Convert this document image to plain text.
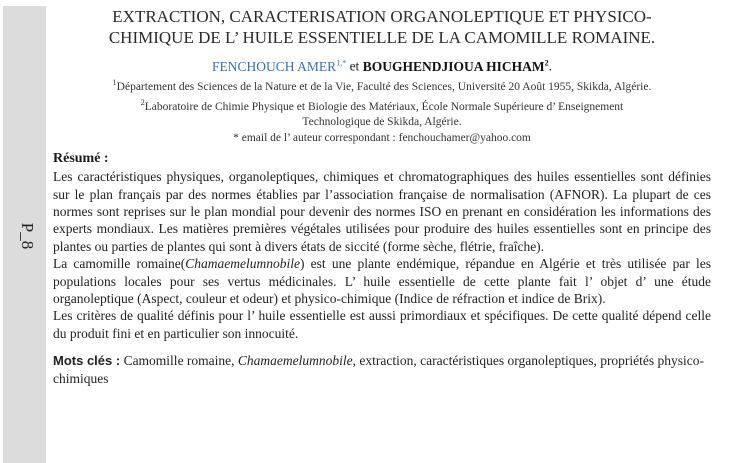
P_8
EXTRACTION, CARACTERISATION ORGANOLEPTIQUE ET PHYSICO-
CHIMIQUE DE L’ HUILE ESSENTIELLE DE LA CAMOMILLE ROMAINE.
FENCHOUCH $AMER^{1,*}$ et BOUGHENDJIOUA HICHAM$^2$.
$^1$Département des Sciences de la Nature et de la Vie, Faculté des Sciences, Université 20 Août 1955, Skikda, Algérie.
$^2$Laboratoire de Chimie Physique et Biologie des Matériaux, École Normale Supérieure d’ Enseignement
Technologique de Skikda, Algérie.
* email de l’ auteur correspondant : fenchouchamer@yahoo.com
Résumé :

Les caractéristiques physiques, organoleptiques, chimiques et chromatographiques des huiles essentielles sont définies sur le plan français par des normes établies par l’association française de normalisation (AFNOR). La plupart de ces normes sont reprises sur le plan mondial pour devenir des normes ISO en prenant en considération les informations des experts mondiaux. Les matières premières végétales utilisées pour produire des huiles essentielles sont en principe des plantes ou parties de plantes qui sont à divers états de siccité (forme sèche, flétrie, fraîche).

La camomille romaine(Chamaemelumnobile) est une plante endémique, répandue en Algérie et très utilisée par les populations locales pour ses vertus médicinales. L’ huile essentielle de cette plante fait l’ objet d’ une étude organoleptique (Aspect, couleur et odeur) et physico-chimique (Indice de réfraction et indice de Brix).

Les critères de qualité définis pour l’ huile essentielle est aussi primordiaux et spécifiques. De cette qualité dépend celle du produit fini et en particulier son innocuité.

Mots clés : Camomille romaine, Chamaemelumnobile, extraction, caractéristiques organoleptiques, propriétés physico-chimiques
